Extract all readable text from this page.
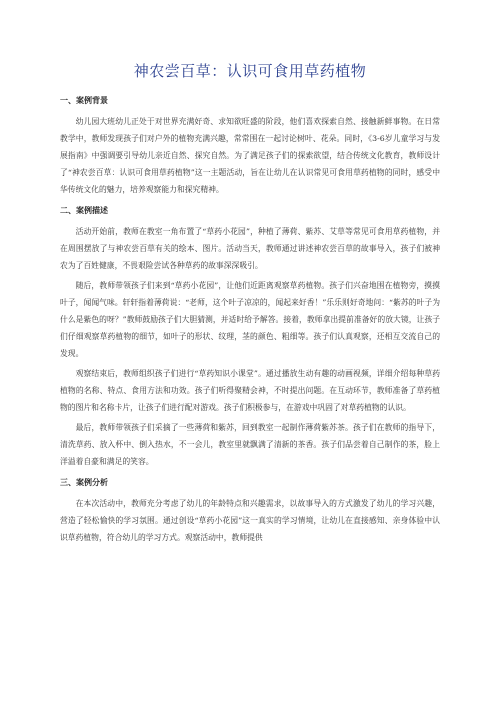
神农尝百草：认识可食用草药植物
一、案例背景

幼儿园大班幼儿正处于对世界充满好奇、求知欲旺盛的阶段，他们喜欢探索自然、接触新鲜事物。在日常教学中，教师发现孩子们对户外的植物充满兴趣，常常围在一起讨论树叶、花朵。同时，《3-6岁儿童学习与发展指南》中强调要引导幼儿亲近自然、探究自然。为了满足孩子们的探索欲望，结合传统文化教育，教师设计了“神农尝百草：认识可食用草药植物”这一主题活动，旨在让幼儿在认识常见可食用草药植物的同时，感受中华传统文化的魅力，培养观察能力和探究精神。

二、案例描述

活动开始前，教师在教室一角布置了“草药小花园”，种植了薄荷、紫苏、艾草等常见可食用草药植物，并在周围摆放了与神农尝百草有关的绘本、图片。活动当天，教师通过讲述神农尝百草的故事导入，孩子们被神农为了百姓健康，不畏艰险尝试各种草药的故事深深吸引。

随后，教师带领孩子们来到“草药小花园”，让他们近距离观察草药植物。孩子们兴奋地围在植物旁，摸摸叶子，闻闻气味。轩轩指着薄荷说：“老师，这个叶子凉凉的，闻起来好香！”乐乐则好奇地问：“紫苏的叶子为什么是紫色的呀？”教师鼓励孩子们大胆猜测，并适时给予解答。接着，教师拿出提前准备好的放大镜，让孩子们仔细观察草药植物的细节，如叶子的形状、纹理，茎的颜色、粗细等。孩子们认真观察，还相互交流自己的发现。

观察结束后，教师组织孩子们进行“草药知识小课堂”。通过播放生动有趣的动画视频，详细介绍每种草药植物的名称、特点、食用方法和功效。孩子们听得聚精会神，不时提出问题。在互动环节，教师准备了草药植物的图片和名称卡片，让孩子们进行配对游戏。孩子们积极参与，在游戏中巩固了对草药植物的认识。

最后，教师带领孩子们采摘了一些薄荷和紫苏，回到教室一起制作薄荷紫苏茶。孩子们在教师的指导下，清洗草药、放入杯中、倒入热水，不一会儿，教室里就飘满了清新的茶香。孩子们品尝着自己制作的茶，脸上洋溢着自豪和满足的笑容。

三、案例分析

在本次活动中，教师充分考虑了幼儿的年龄特点和兴趣需求，以故事导入的方式激发了幼儿的学习兴趣，营造了轻松愉快的学习氛围。通过创设“草药小花园”这一真实的学习情境，让幼儿在直接感知、亲身体验中认识草药植物，符合幼儿的学习方式。观察活动中，教师提供
